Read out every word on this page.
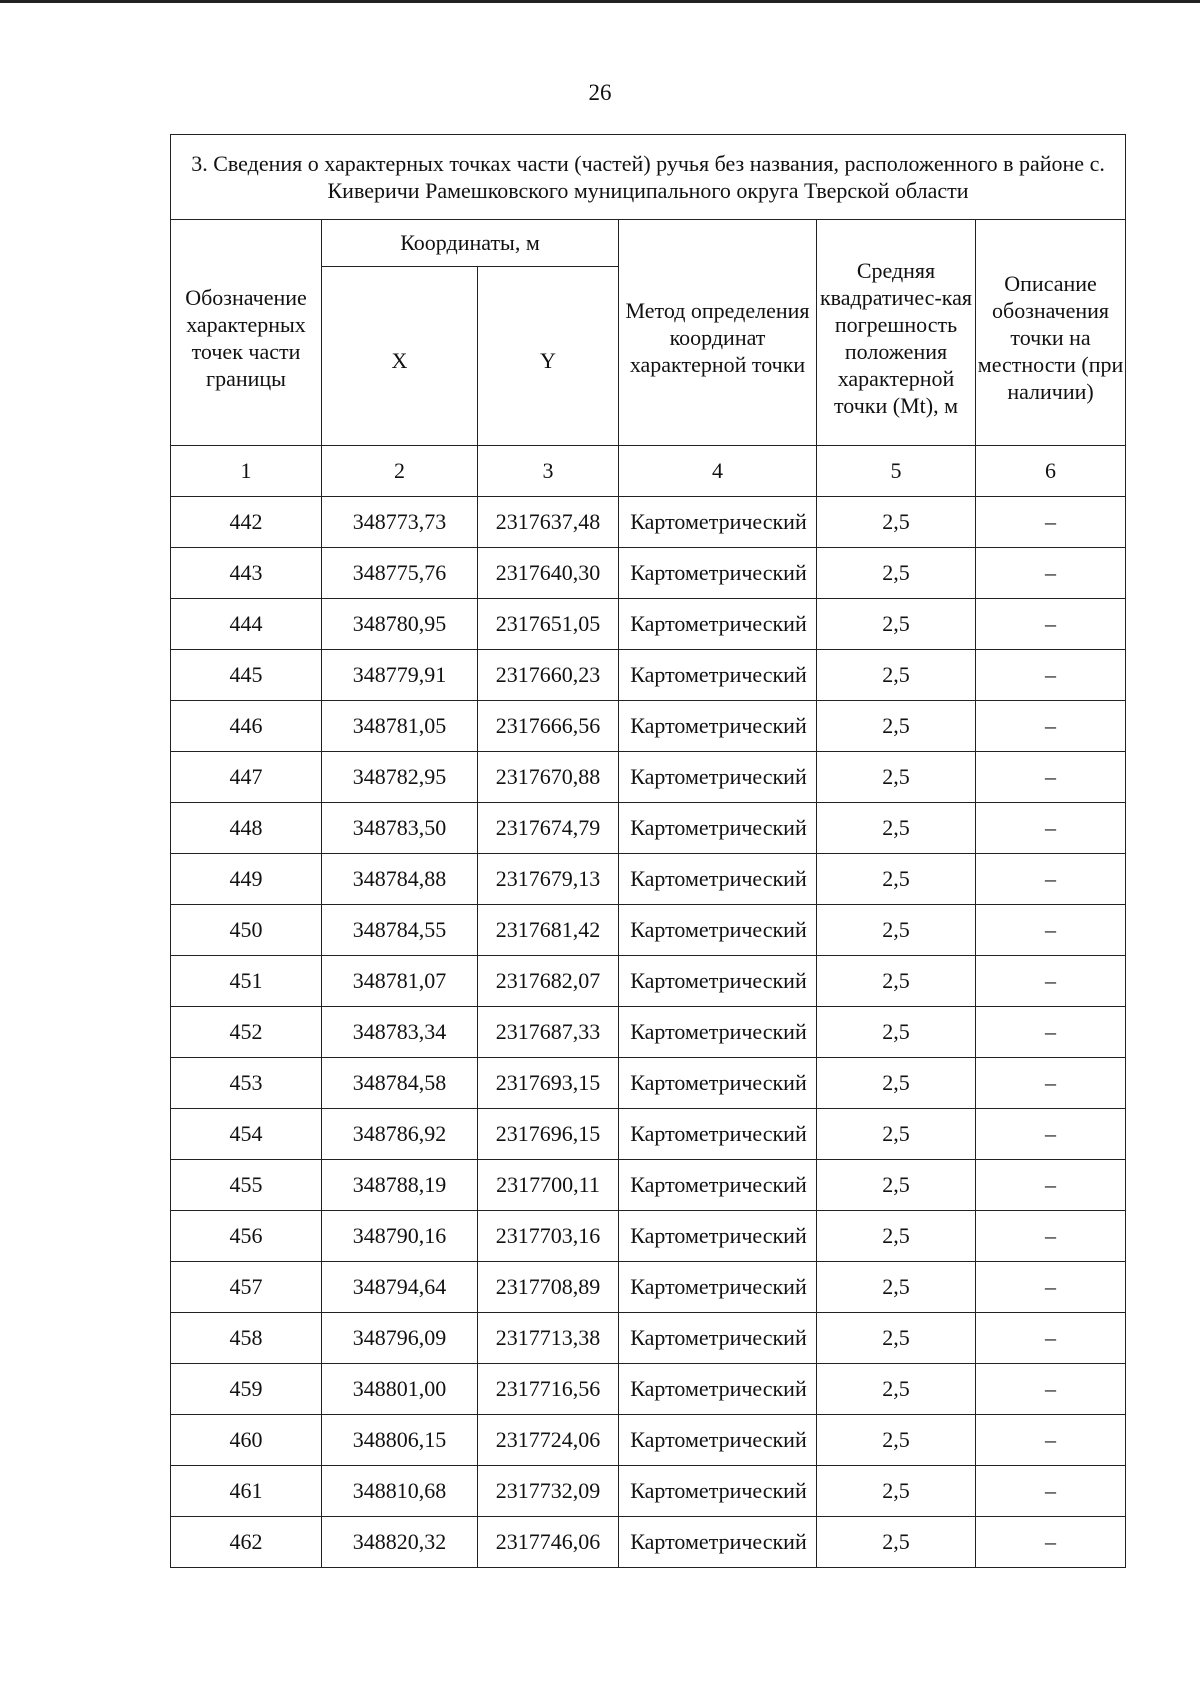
26
3. Сведения о характерных точках части (частей) ручья без названия, расположенного в районе с. Киверичи Рамешковского муниципального округа Тверской области					
Обозначение характерных точек части границы	Координаты, м		Метод определения координат характерной точки	Средняя квадратичес-кая погрешность положения характерной точки (Mt), м	Описание обозначения точки на местности (при наличии)
	X	Y			
1	2	3	4	5	6
442	348773,73	2317637,48	Картометрический	2,5	–
443	348775,76	2317640,30	Картометрический	2,5	–
444	348780,95	2317651,05	Картометрический	2,5	–
445	348779,91	2317660,23	Картометрический	2,5	–
446	348781,05	2317666,56	Картометрический	2,5	–
447	348782,95	2317670,88	Картометрический	2,5	–
448	348783,50	2317674,79	Картометрический	2,5	–
449	348784,88	2317679,13	Картометрический	2,5	–
450	348784,55	2317681,42	Картометрический	2,5	–
451	348781,07	2317682,07	Картометрический	2,5	–
452	348783,34	2317687,33	Картометрический	2,5	–
453	348784,58	2317693,15	Картометрический	2,5	–
454	348786,92	2317696,15	Картометрический	2,5	–
455	348788,19	2317700,11	Картометрический	2,5	–
456	348790,16	2317703,16	Картометрический	2,5	–
457	348794,64	2317708,89	Картометрический	2,5	–
458	348796,09	2317713,38	Картометрический	2,5	–
459	348801,00	2317716,56	Картометрический	2,5	–
460	348806,15	2317724,06	Картометрический	2,5	–
461	348810,68	2317732,09	Картометрический	2,5	–
462	348820,32	2317746,06	Картометрический	2,5	–
